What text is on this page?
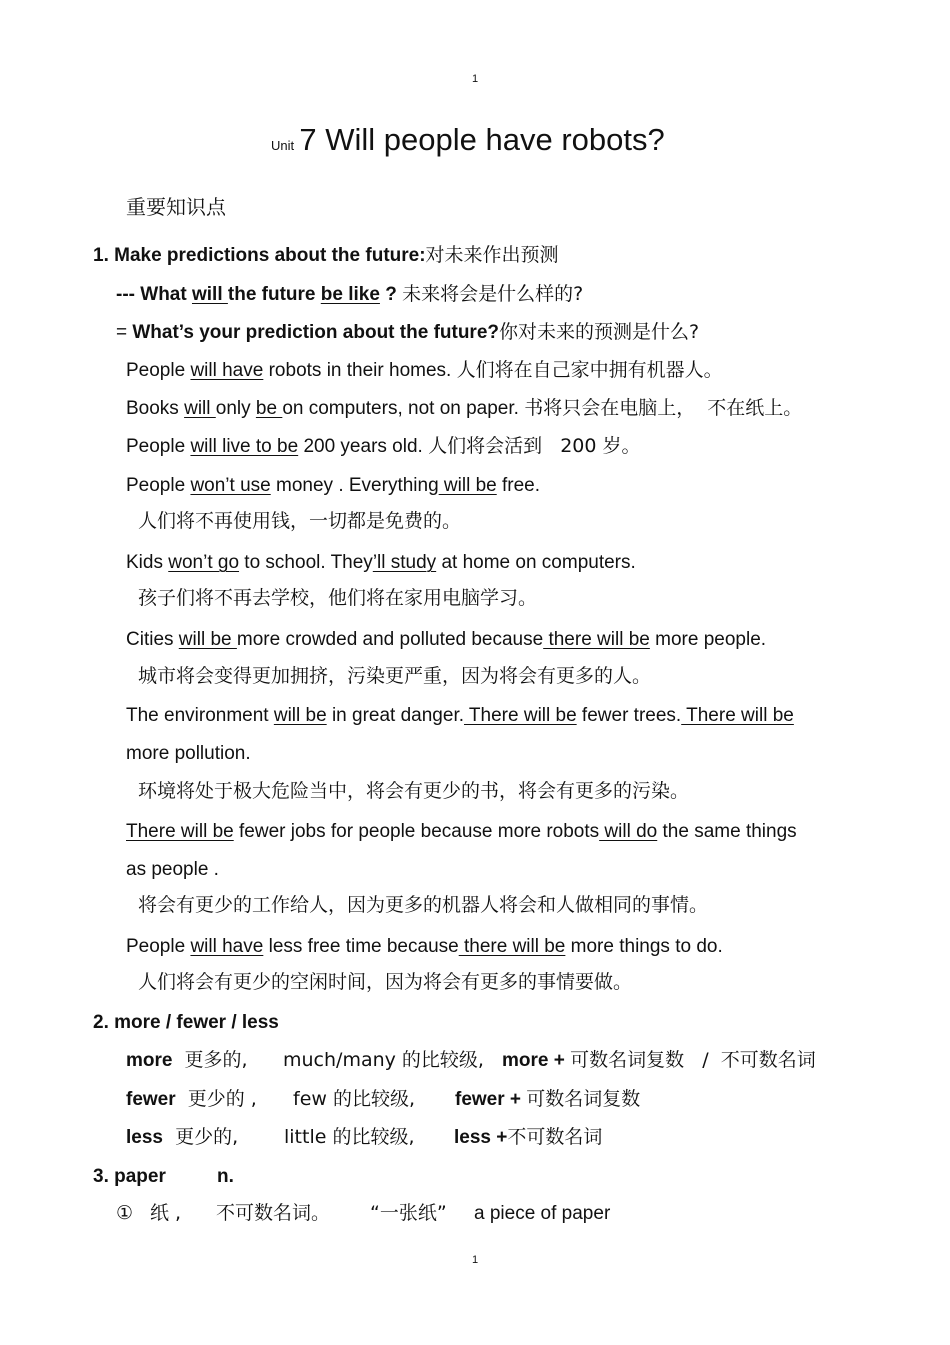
1
Unit 7 Will people have robots?
重要知识点
1. Make predictions about the future:对未来作出预测
--- What will the future be like ? 未来将会是什么样的?
= What’s your prediction about the future?你对未来的预测是什么?
People will have robots in their homes. 人们将在自己家中拥有机器人。
Books will only be on computers, not on paper. 书将只会在电脑上，  不在纸上。
People will live to be 200 years old. 人们将会活到   200 岁。
People won’t use money . Everything will be free.
人们将不再使用钱，一切都是免费的。
Kids won’t go to school. They’ll study at home on computers.
孩子们将不再去学校，他们将在家用电脑学习。
Cities will be more crowded and polluted because there will be more people.
城市将会变得更加拥挤，污染更严重，因为将会有更多的人。
The environment will be in great danger. There will be fewer trees. There will be
more pollution.
环境将处于极大危险当中，将会有更少的书，将会有更多的污染。
There will be fewer jobs for people because more robots will do the same things
as people .
将会有更少的工作给人，因为更多的机器人将会和人做相同的事情。
People will have less free time because there will be more things to do.
人们将会有更少的空闲时间，因为将会有更多的事情要做。
2. more / fewer / less
more  更多的, much/many 的比较级, more + 可数名词复数   /  不可数名词
fewer  更少的 , few 的比较级, fewer + 可数名词复数
less  更少的, little 的比较级, less +不可数名词
3. paper	n.
① 纸 , 不可数名词。 “一张纸” a piece of paper
1
